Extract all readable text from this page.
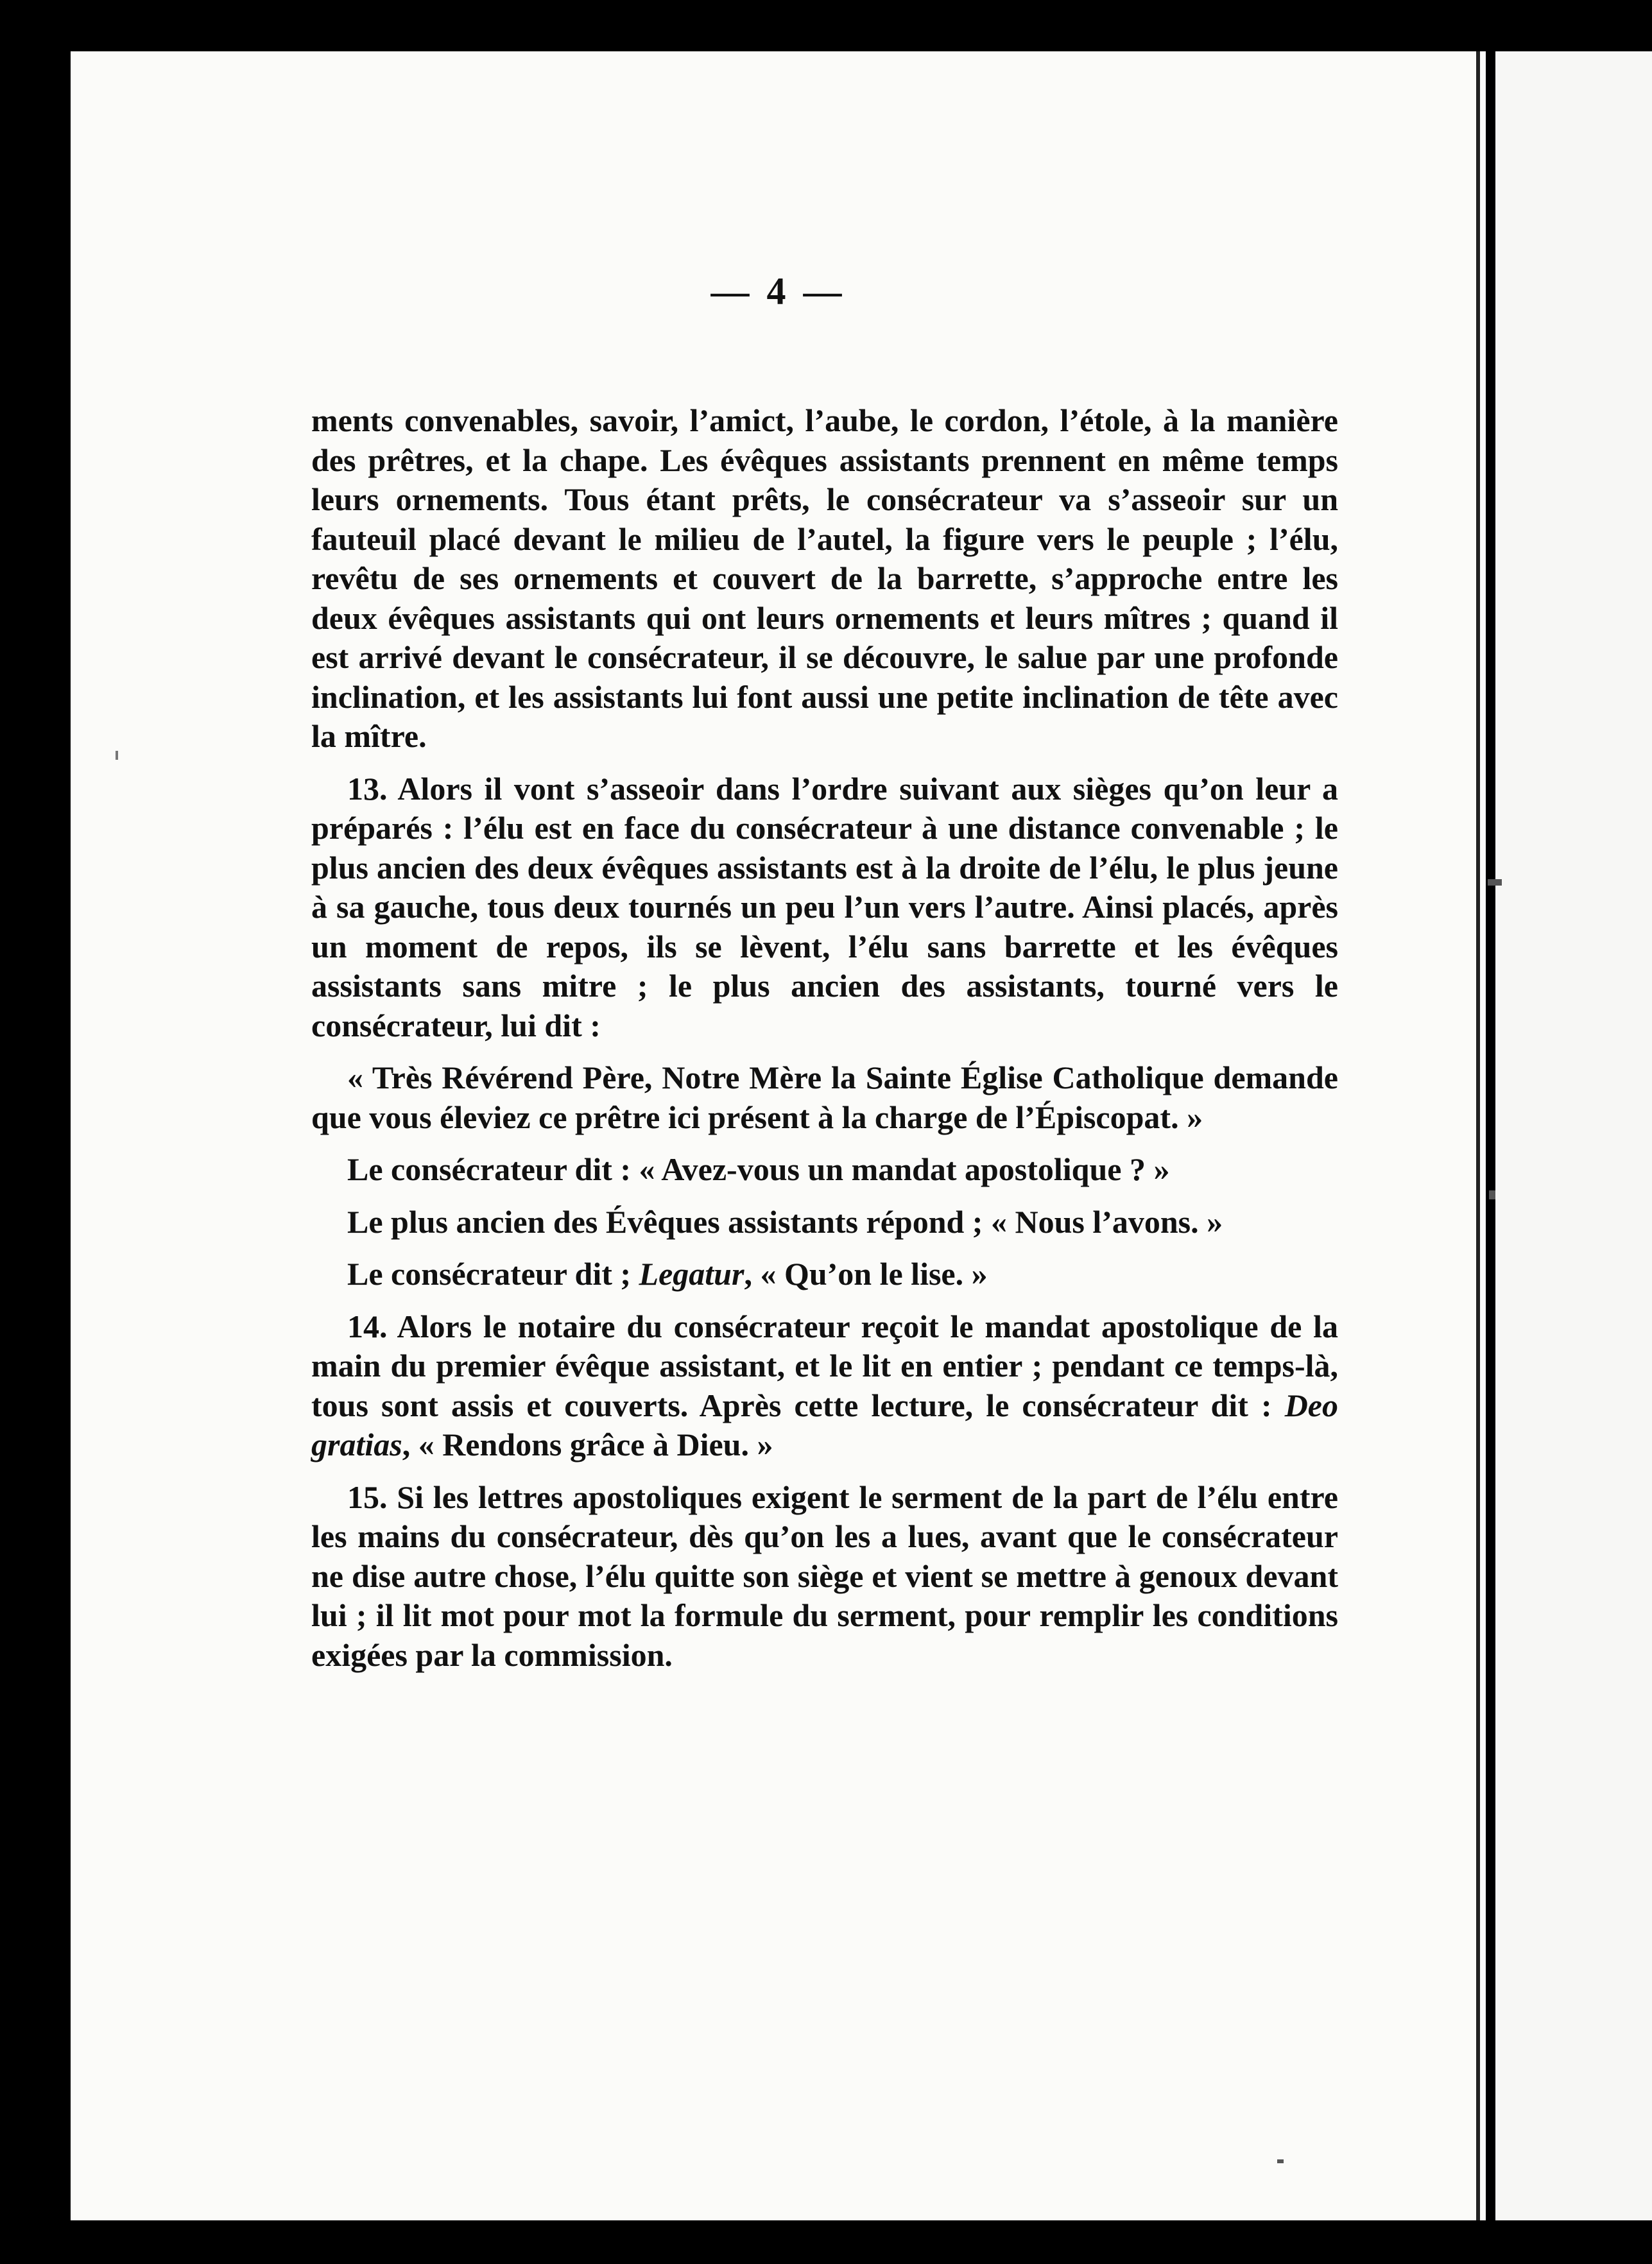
— 4 —

ments convenables, savoir, l’amict, l’aube, le cordon, l’étole, à la manière des prêtres, et la chape. Les évêques assistants prennent en même temps leurs ornements. Tous étant prêts, le consécrateur va s’asseoir sur un fauteuil placé devant le milieu de l’autel, la figure vers le peuple ; l’élu, revêtu de ses ornements et couvert de la barrette, s’approche entre les deux évêques assistants qui ont leurs ornements et leurs mîtres ; quand il est arrivé devant le consécrateur, il se découvre, le salue par une profonde inclination, et les assistants lui font aussi une petite inclination de tête avec la mître.

13. Alors il vont s’asseoir dans l’ordre suivant aux sièges qu’on leur a préparés : l’élu est en face du consécrateur à une distance convenable ; le plus ancien des deux évêques assistants est à la droite de l’élu, le plus jeune à sa gauche, tous deux tournés un peu l’un vers l’autre. Ainsi placés, après un moment de repos, ils se lèvent, l’élu sans barrette et les évêques assistants sans mitre ; le plus ancien des assistants, tourné vers le consécrateur, lui dit :

« Très Révérend Père, Notre Mère la Sainte Église Catholique demande que vous éleviez ce prêtre ici présent à la charge de l’Épiscopat. »

Le consécrateur dit : « Avez-vous un mandat apostolique ? »

Le plus ancien des Évêques assistants répond ; « Nous l’avons. »

Le consécrateur dit ; Legatur, « Qu’on le lise. »

14. Alors le notaire du consécrateur reçoit le mandat apostolique de la main du premier évêque assistant, et le lit en entier ; pendant ce temps-là, tous sont assis et couverts. Après cette lecture, le consécrateur dit : Deo gratias, « Rendons grâce à Dieu. »

15. Si les lettres apostoliques exigent le serment de la part de l’élu entre les mains du consécrateur, dès qu’on les a lues, avant que le consécrateur ne dise autre chose, l’élu quitte son siège et vient se mettre à genoux devant lui ; il lit mot pour mot la formule du serment, pour remplir les conditions exigées par la commission.
